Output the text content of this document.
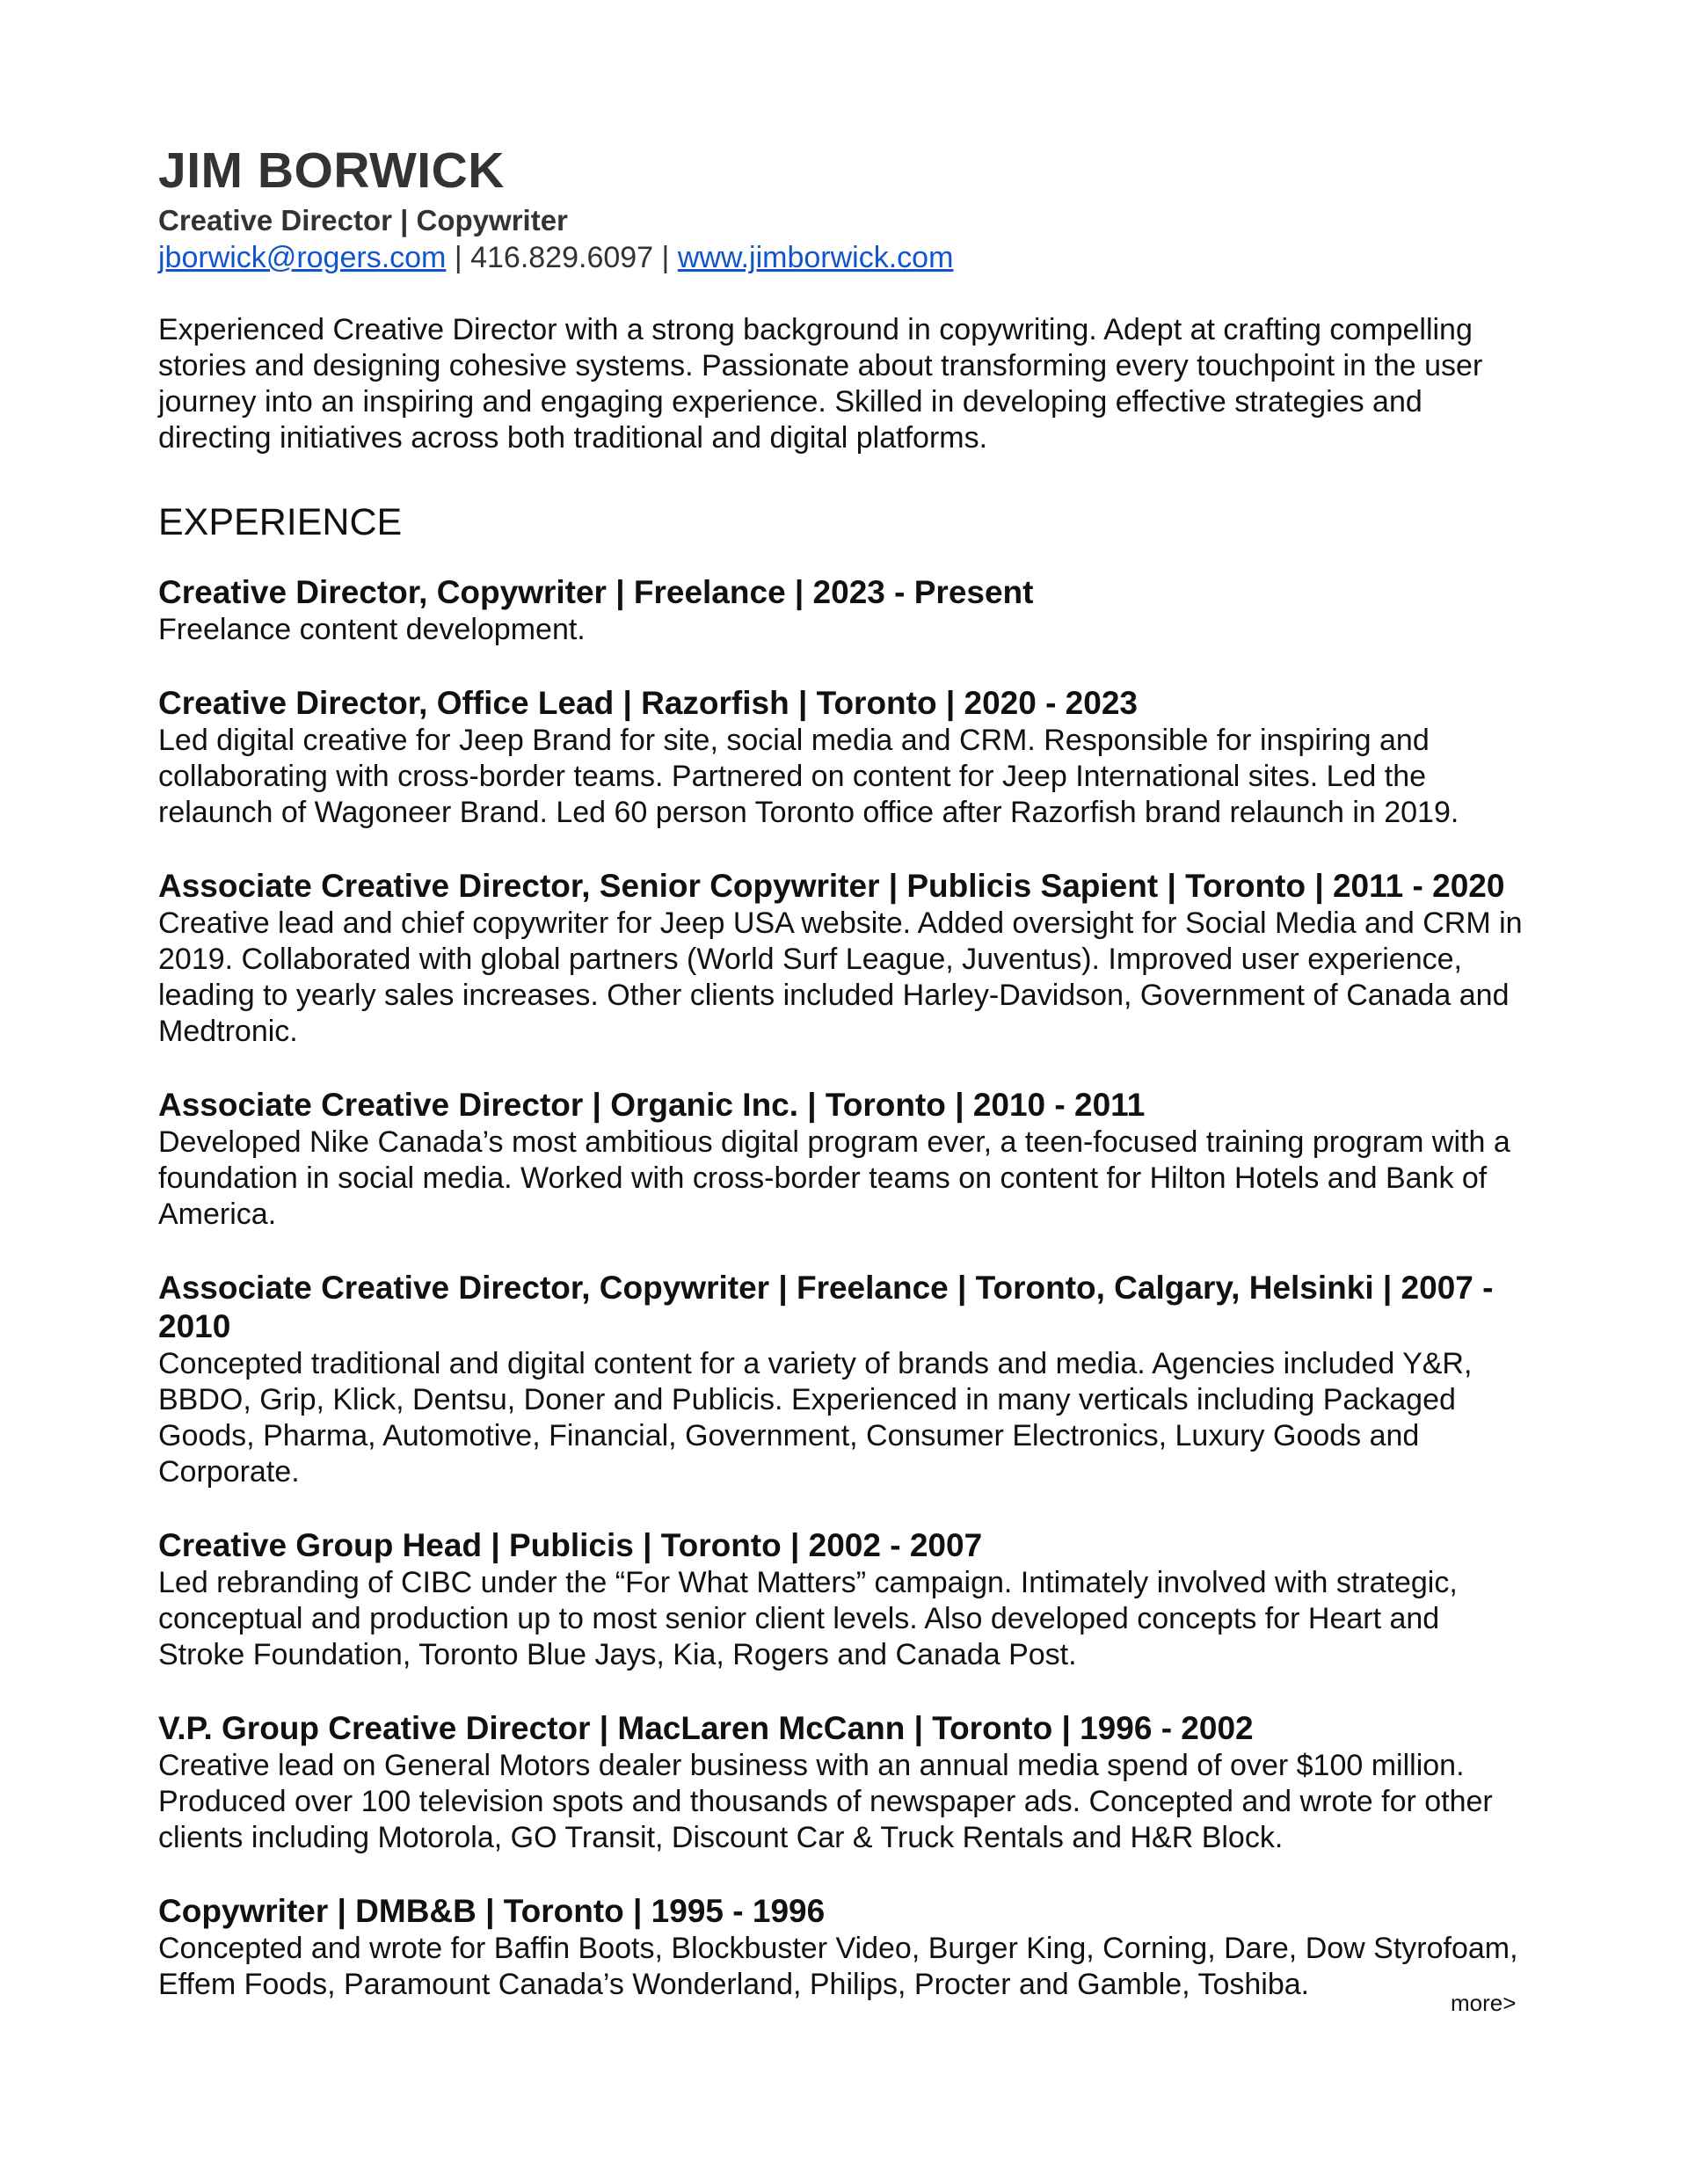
JIM BORWICK

Creative Director | Copywriter

jborwick@rogers.com | 416.829.6097 | www.jimborwick.com

Experienced Creative Director with a strong background in copywriting. Adept at crafting compelling stories and designing cohesive systems. Passionate about transforming every touchpoint in the user journey into an inspiring and engaging experience. Skilled in developing effective strategies and directing initiatives across both traditional and digital platforms.

EXPERIENCE

Creative Director, Copywriter | Freelance | 2023 - Present

Freelance content development.

Creative Director, Office Lead | Razorfish | Toronto | 2020 - 2023

Led digital creative for Jeep Brand for site, social media and CRM. Responsible for inspiring and collaborating with cross-border teams. Partnered on content for Jeep International sites. Led the relaunch of Wagoneer Brand. Led 60 person Toronto office after Razorfish brand relaunch in 2019.

Associate Creative Director, Senior Copywriter | Publicis Sapient | Toronto | 2011 - 2020

Creative lead and chief copywriter for Jeep USA website. Added oversight for Social Media and CRM in 2019. Collaborated with global partners (World Surf League, Juventus). Improved user experience, leading to yearly sales increases. Other clients included Harley-Davidson, Government of Canada and Medtronic.

Associate Creative Director | Organic Inc. | Toronto | 2010 - 2011

Developed Nike Canada’s most ambitious digital program ever, a teen-focused training program with a foundation in social media. Worked with cross-border teams on content for Hilton Hotels and Bank of America.

Associate Creative Director, Copywriter | Freelance | Toronto, Calgary, Helsinki | 2007 - 2010

Concepted traditional and digital content for a variety of brands and media. Agencies included Y&R, BBDO, Grip, Klick, Dentsu, Doner and Publicis. Experienced in many verticals including Packaged Goods, Pharma, Automotive, Financial, Government, Consumer Electronics, Luxury Goods and Corporate.

Creative Group Head | Publicis | Toronto | 2002 - 2007

Led rebranding of CIBC under the “For What Matters” campaign. Intimately involved with strategic, conceptual and production up to most senior client levels. Also developed concepts for Heart and Stroke Foundation, Toronto Blue Jays, Kia, Rogers and Canada Post.

V.P. Group Creative Director | MacLaren McCann | Toronto | 1996 - 2002

Creative lead on General Motors dealer business with an annual media spend of over $100 million. Produced over 100 television spots and thousands of newspaper ads. Concepted and wrote for other clients including Motorola, GO Transit, Discount Car & Truck Rentals and H&R Block.

Copywriter | DMB&B | Toronto | 1995 - 1996

Concepted and wrote for Baffin Boots, Blockbuster Video, Burger King, Corning, Dare, Dow Styrofoam, Effem Foods, Paramount Canada’s Wonderland, Philips, Procter and Gamble, Toshiba.

more>
